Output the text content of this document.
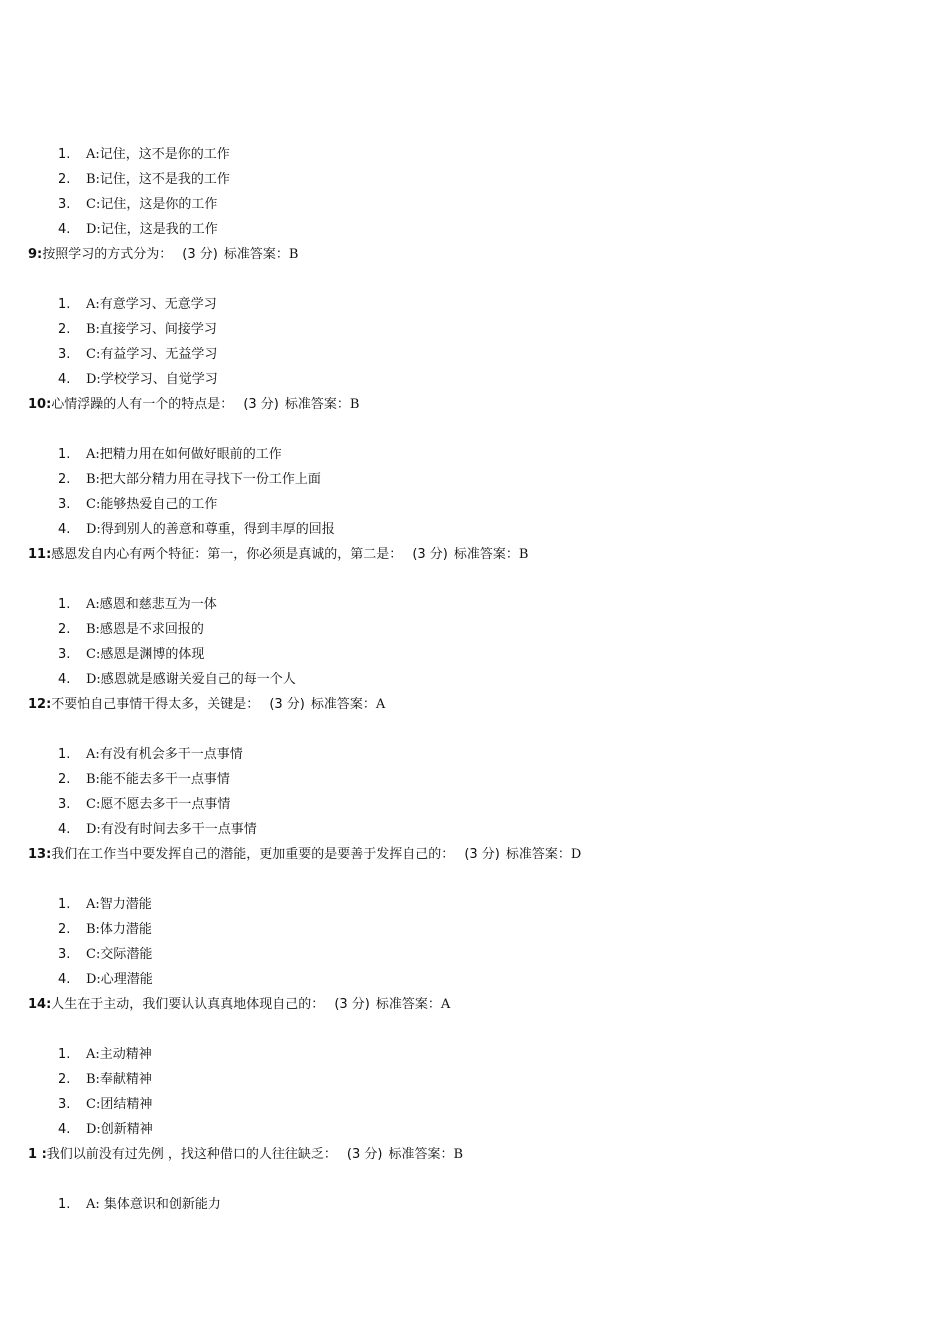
1.	A:记住，这不是你的工作
2.	B:记住，这不是我的工作
3.	C:记住，这是你的工作
4.	D:记住，这是我的工作
9:按照学习的方式分为： (3 分) 标准答案：B
1.	A:有意学习、无意学习
2.	B:直接学习、间接学习
3.	C:有益学习、无益学习
4.	D:学校学习、自觉学习
10:心情浮躁的人有一个的特点是： (3 分) 标准答案：B
1.	A:把精力用在如何做好眼前的工作
2.	B:把大部分精力用在寻找下一份工作上面
3.	C:能够热爱自己的工作
4.	D:得到别人的善意和尊重，得到丰厚的回报
11:感恩发自内心有两个特征：第一，你必须是真诚的，第二是： (3 分) 标准答案：B
1.	A:感恩和慈悲互为一体
2.	B:感恩是不求回报的
3.	C:感恩是渊博的体现
4.	D:感恩就是感谢关爱自己的每一个人
12:不要怕自己事情干得太多，关键是： (3 分) 标准答案：A
1.	A:有没有机会多干一点事情
2.	B:能不能去多干一点事情
3.	C:愿不愿去多干一点事情
4.	D:有没有时间去多干一点事情
13:我们在工作当中要发挥自己的潜能，更加重要的是要善于发挥自己的： (3 分) 标准答案：D
1.	A:智力潜能
2.	B:体力潜能
3.	C:交际潜能
4.	D:心理潜能
14:人生在于主动，我们要认认真真地体现自己的： (3 分) 标准答案：A
1.	A:主动精神
2.	B:奉献精神
3.	C:团结精神
4.	D:创新精神
1 :我们以前没有过先例 ，找这种借口的人往往缺乏： (3 分) 标准答案：B
1.	A: 集体意识和创新能力
